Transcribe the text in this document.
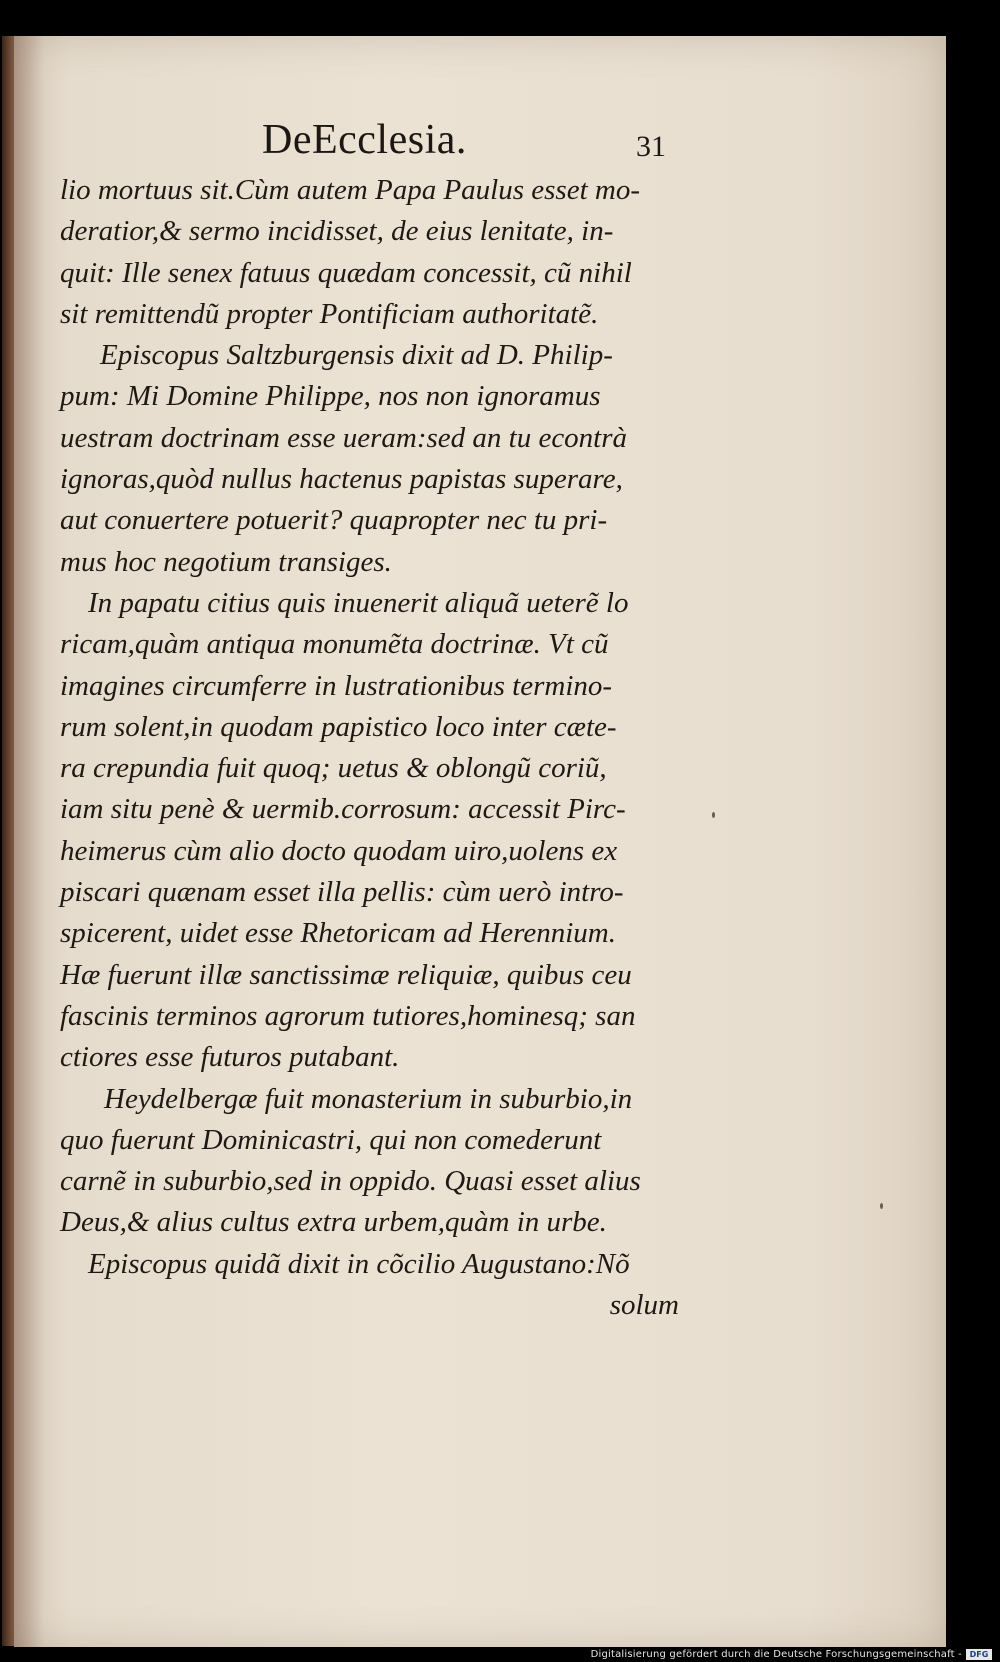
DeEcclesia.	31
lio mortuus sit.Cùm autem Papa Paulus esset mo-
deratior,& sermo incidisset, de eius lenitate, in-
quit: Ille senex fatuus quædam concessit, cũ nihil
sit remittendũ propter Pontificiam authoritatẽ.
Episcopus Saltzburgensis dixit ad D. Philip-
pum: Mi Domine Philippe, nos non ignoramus
uestram doctrinam esse ueram:sed an tu econtrà
ignoras,quòd nullus hactenus papistas superare,
aut conuertere potuerit? quapropter nec tu pri-
mus hoc negotium transiges.
In papatu citius quis inuenerit aliquã ueterẽ lo
ricam,quàm antiqua monumẽta doctrinæ. Vt cũ
imagines circumferre in lustrationibus termino-
rum solent,in quodam papistico loco inter cæte-
ra crepundia fuit quoq; uetus & oblongũ coriũ,
iam situ penè & uermib.corrosum: accessit Pirc-
heimerus cùm alio docto quodam uiro,uolens ex
piscari quænam esset illa pellis: cùm uerò intro-
spicerent, uidet esse Rhetoricam ad Herennium.
Hæ fuerunt illæ sanctissimæ reliquiæ, quibus ceu
fascinis terminos agrorum tutiores,hominesq; san
ctiores esse futuros putabant.
Heydelbergæ fuit monasterium in suburbio,in
quo fuerunt Dominicastri, qui non comederunt
carnẽ in suburbio,sed in oppido. Quasi esset alius
Deus,& alius cultus extra urbem,quàm in urbe.
Episcopus quidã dixit in cõcilio Augustano:Nõ
solum
Digitalisierung gefördert durch die Deutsche Forschungsgemeinschaft - DFG
